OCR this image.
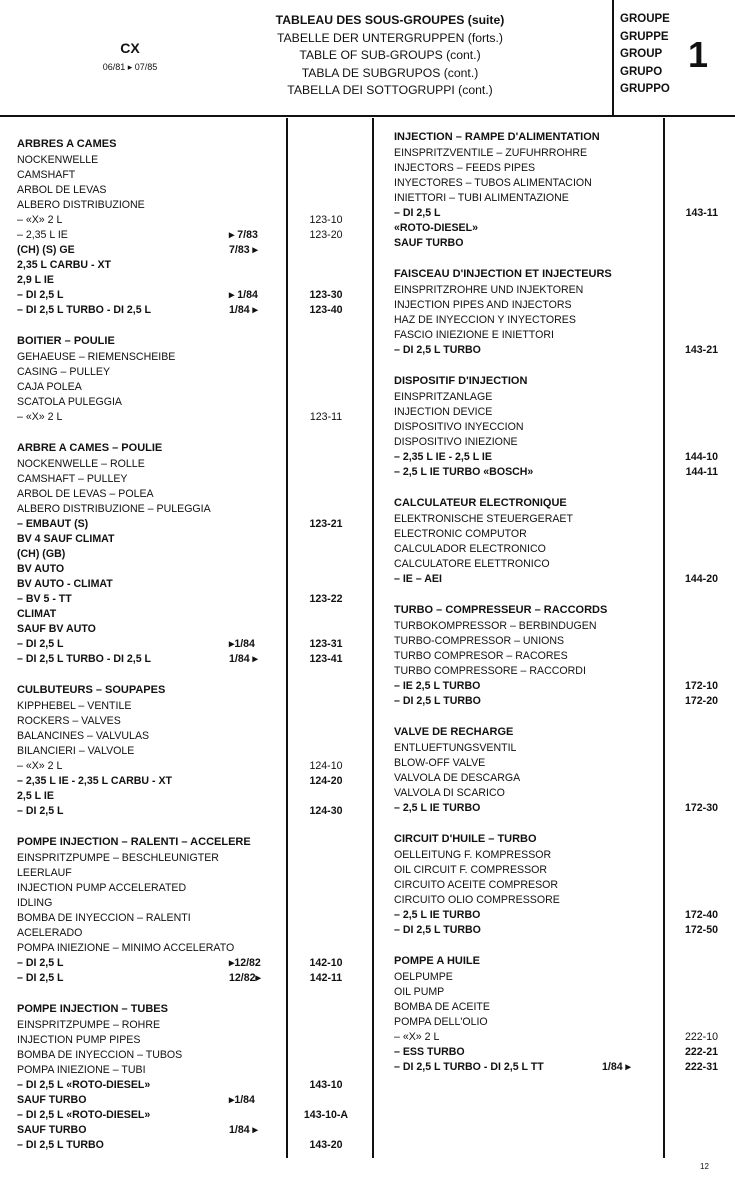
CX
06/81 ▸ 07/85
TABLEAU DES SOUS-GROUPES (suite)
TABELLE DER UNTERGRUPPEN (forts.)
TABLE OF SUB-GROUPS (cont.)
TABLA DE SUBGRUPOS (cont.)
TABELLA DEI SOTTOGRUPPI (cont.)
GROUPE
GRUPPE
GROUP
GRUPO
GRUPPO
1
ARBRES A CAMES
NOCKENWELLE
CAMSHAFT
ARBOL DE LEVAS
ALBERO DISTRIBUZIONE
– «X» 2 L	123-10
– 2,35 L IE	▸ 7/83	123-20
(CH) (S) GE	7/83 ▸
2,35 L CARBU - XT
2,9 L IE
– DI 2,5 L	▸ 1/84	123-30
– DI 2,5 L TURBO - DI 2,5 L	1/84 ▸	123-40
BOITIER – POULIE
GEHAEUSE – RIEMENSCHEIBE
CASING – PULLEY
CAJA POLEA
SCATOLA PULEGGIA
– «X» 2 L	123-11
ARBRE A CAMES – POULIE
NOCKENWELLE – ROLLE
CAMSHAFT – PULLEY
ARBOL DE LEVAS – POLEA
ALBERO DISTRIBUZIONE – PULEGGIA
– EMBAUT (S)	123-21
BV 4 SAUF CLIMAT
(CH) (GB)
BV AUTO
BV AUTO - CLIMAT
– BV 5 - TT	123-22
CLIMAT
SAUF BV AUTO
– DI 2,5 L	▸1/84	123-31
– DI 2,5 L TURBO - DI 2,5 L	1/84 ▸	123-41
CULBUTEURS – SOUPAPES
KIPPHEBEL – VENTILE
ROCKERS – VALVES
BALANCINES – VALVULAS
BILANCIERI – VALVOLE
– «X» 2 L	124-10
– 2,35 L IE - 2,35 L CARBU - XT	124-20
2,5 L IE
– DI 2,5 L	124-30
POMPE INJECTION – RALENTI – ACCELERE
EINSPRITZPUMPE – BESCHLEUNIGTER
LEERLAUF
INJECTION PUMP ACCELERATED
IDLING
BOMBA DE INYECCION – RALENTI
ACELERADO
POMPA INIEZIONE – MINIMO ACCELERATO
– DI 2,5 L	▸12/82	142-10
– DI 2,5 L	12/82▸	142-11
POMPE INJECTION – TUBES
EINSPRITZPUMPE – ROHRE
INJECTION PUMP PIPES
BOMBA DE INYECCION – TUBOS
POMPA INIEZIONE – TUBI
– DI 2,5 L «ROTO-DIESEL»	143-10
SAUF TURBO	▸1/84
– DI 2,5 L «ROTO-DIESEL»	143-10-A
SAUF TURBO	1/84 ▸
– DI 2,5 L TURBO	143-20
INJECTION – RAMPE D'ALIMENTATION
EINSPRITZVENTILE – ZUFUHRROHRE
INJECTORS – FEEDS PIPES
INYECTORES – TUBOS ALIMENTACION
INIETTORI – TUBI ALIMENTAZIONE
– DI 2,5 L	143-11
«ROTO-DIESEL»
SAUF TURBO
FAISCEAU D'INJECTION ET INJECTEURS
EINSPRITZROHRE UND INJEKTOREN
INJECTION PIPES AND INJECTORS
HAZ DE INYECCION Y INYECTORES
FASCIO INIEZIONE E INIETTORI
– DI 2,5 L TURBO	143-21
DISPOSITIF D'INJECTION
EINSPRITZANLAGE
INJECTION DEVICE
DISPOSITIVO INYECCION
DISPOSITIVO INIEZIONE
– 2,35 L IE - 2,5 L IE	144-10
– 2,5 L IE TURBO «BOSCH»	144-11
CALCULATEUR ELECTRONIQUE
ELEKTRONISCHE STEUERGERAET
ELECTRONIC COMPUTOR
CALCULADOR ELECTRONICO
CALCULATORE ELETTRONICO
– IE – AEI	144-20
TURBO – COMPRESSEUR – RACCORDS
TURBOKOMPRESSOR – BERBINDUGEN
TURBO-COMPRESSOR – UNIONS
TURBO COMPRESOR – RACORES
TURBO COMPRESSORE – RACCORDI
– IE 2,5 L TURBO	172-10
– DI 2,5 L TURBO	172-20
VALVE DE RECHARGE
ENTLUEFTUNGSVENTIL
BLOW-OFF VALVE
VALVOLA DE DESCARGA
VALVOLA DI SCARICO
– 2,5 L IE TURBO	172-30
CIRCUIT D'HUILE – TURBO
OELLEITUNG F. KOMPRESSOR
OIL CIRCUIT F. COMPRESSOR
CIRCUITO ACEITE COMPRESOR
CIRCUITO OLIO COMPRESSORE
– 2,5 L IE TURBO	172-40
– DI 2,5 L TURBO	172-50
POMPE A HUILE
OELPUMPE
OIL PUMP
BOMBA DE ACEITE
POMPA DELL'OLIO
– «X» 2 L	222-10
– ESS TURBO	222-21
– DI 2,5 L TURBO - DI 2,5 L TT	1/84 ▸	222-31
12
